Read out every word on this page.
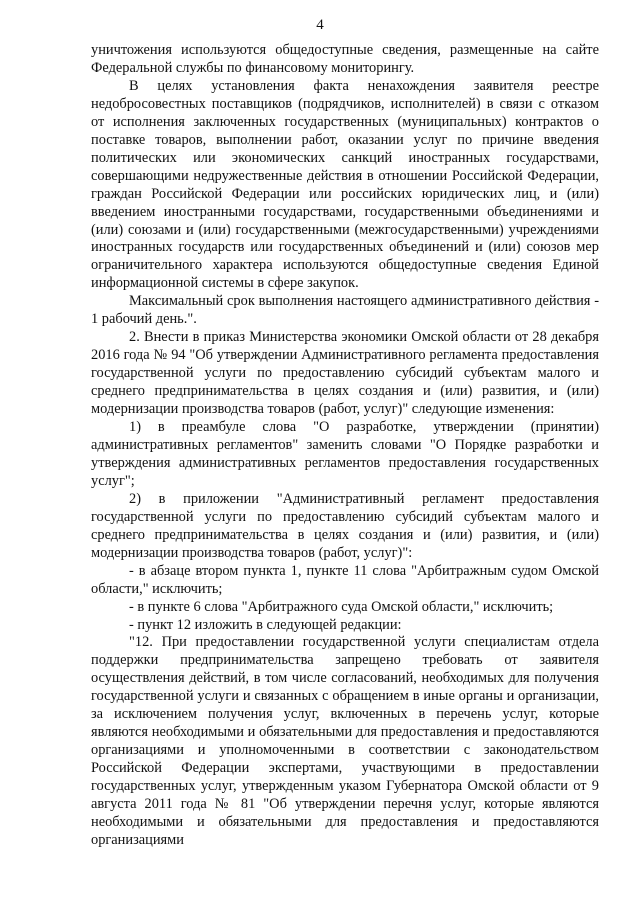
4

уничтожения используются общедоступные сведения, размещенные на сайте Федеральной службы по финансовому мониторингу.

В целях установления факта ненахождения заявителя реестре недобросовестных поставщиков (подрядчиков, исполнителей) в связи с отказом от исполнения заключенных государственных (муниципальных) контрактов о поставке товаров, выполнении работ, оказании услуг по причине введения политических или экономических санкций иностранных государствами, совершающими недружественные действия в отношении Российской Федерации, граждан Российской Федерации или российских юридических лиц, и (или) введением иностранными государствами, государственными объединениями и (или) союзами и (или) государственными (межгосударственными) учреждениями иностранных государств или государственных объединений и (или) союзов мер ограничительного характера используются общедоступные сведения Единой информационной системы в сфере закупок.

Максимальный срок выполнения настоящего административного действия - 1 рабочий день.".

2. Внести в приказ Министерства экономики Омской области от 28 декабря 2016 года № 94 "Об утверждении Административного регламента предоставления государственной услуги по предоставлению субсидий субъектам малого и среднего предпринимательства в целях создания и (или) развития, и (или) модернизации производства товаров (работ, услуг)" следующие изменения:

1) в преамбуле слова "О разработке, утверждении (принятии) административных регламентов" заменить словами "О Порядке разработки и утверждения административных регламентов предоставления государственных услуг";

2) в приложении "Административный регламент предоставления государственной услуги по предоставлению субсидий субъектам малого и среднего предпринимательства в целях создания и (или) развития, и (или) модернизации производства товаров (работ, услуг)":

- в абзаце втором пункта 1, пункте 11 слова "Арбитражным судом Омской области," исключить;

- в пункте 6 слова "Арбитражного суда Омской области," исключить;

- пункт 12 изложить в следующей редакции:

"12. При предоставлении государственной услуги специалистам отдела поддержки предпринимательства запрещено требовать от заявителя осуществления действий, в том числе согласований, необходимых для получения государственной услуги и связанных с обращением в иные органы и организации, за исключением получения услуг, включенных в перечень услуг, которые являются необходимыми и обязательными для предоставления и предоставляются организациями и уполномоченными в соответствии с законодательством Российской Федерации экспертами, участвующими в предоставлении государственных услуг, утвержденным указом Губернатора Омской области от 9 августа 2011 года № 81 "Об утверждении перечня услуг, которые являются необходимыми и обязательными для предоставления и предоставляются организациями
